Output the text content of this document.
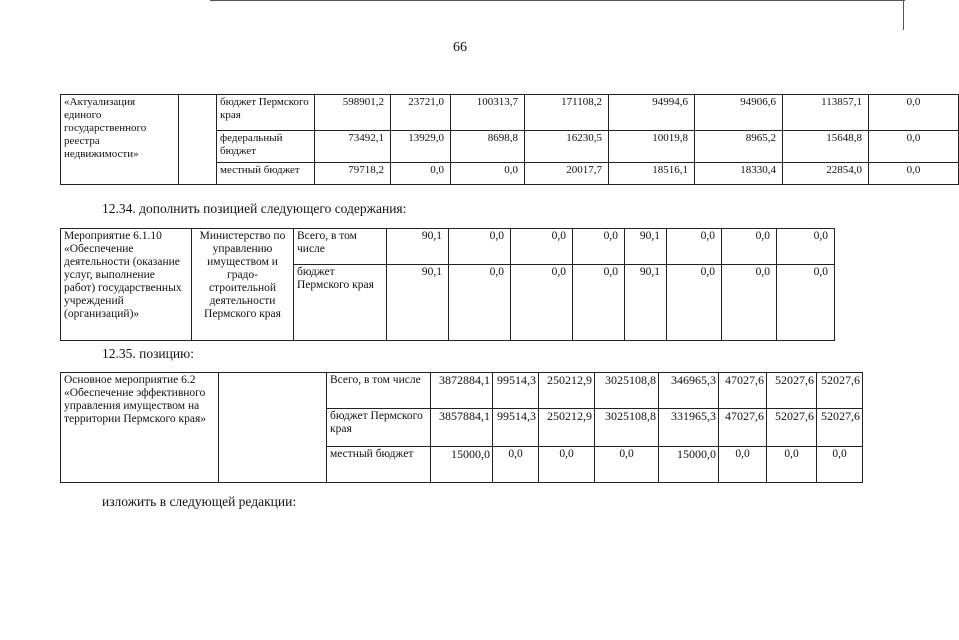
66
«Актуализация единого государственного реестра недвижимости»		бюджет Пермского края	598901,2	23721,0	100313,7	171108,2	94994,6	94906,6	113857,1	0,0
		федеральный бюджет	73492,1	13929,0	8698,8	16230,5	10019,8	8965,2	15648,8	0,0
		местный бюджет	79718,2	0,0	0,0	20017,7	18516,1	18330,4	22854,0	0,0
12.34. дополнить позицией следующего содержания:
Мероприятие 6.1.10 «Обеспечение деятельности (оказание услуг, выполнение работ) государственных учреждений (организаций)»	Министерство по управлению имуществом и градо-строительной деятельности Пермского края	Всего, в том числе	90,1	0,0	0,0	0,0	90,1	0,0	0,0	0,0
		бюджет Пермского края	90,1	0,0	0,0	0,0	90,1	0,0	0,0	0,0
12.35. позицию:
Основное мероприятие 6.2 «Обеспечение эффективного управления имуществом на территории Пермского края»		Всего, в том числе	3872884,1	99514,3	250212,9	3025108,8	346965,3	47027,6	52027,6	52027,6
		бюджет Пермского края	3857884,1	99514,3	250212,9	3025108,8	331965,3	47027,6	52027,6	52027,6
		местный бюджет	15000,0	0,0	0,0	0,0	15000,0	0,0	0,0	0,0
изложить в следующей редакции:
